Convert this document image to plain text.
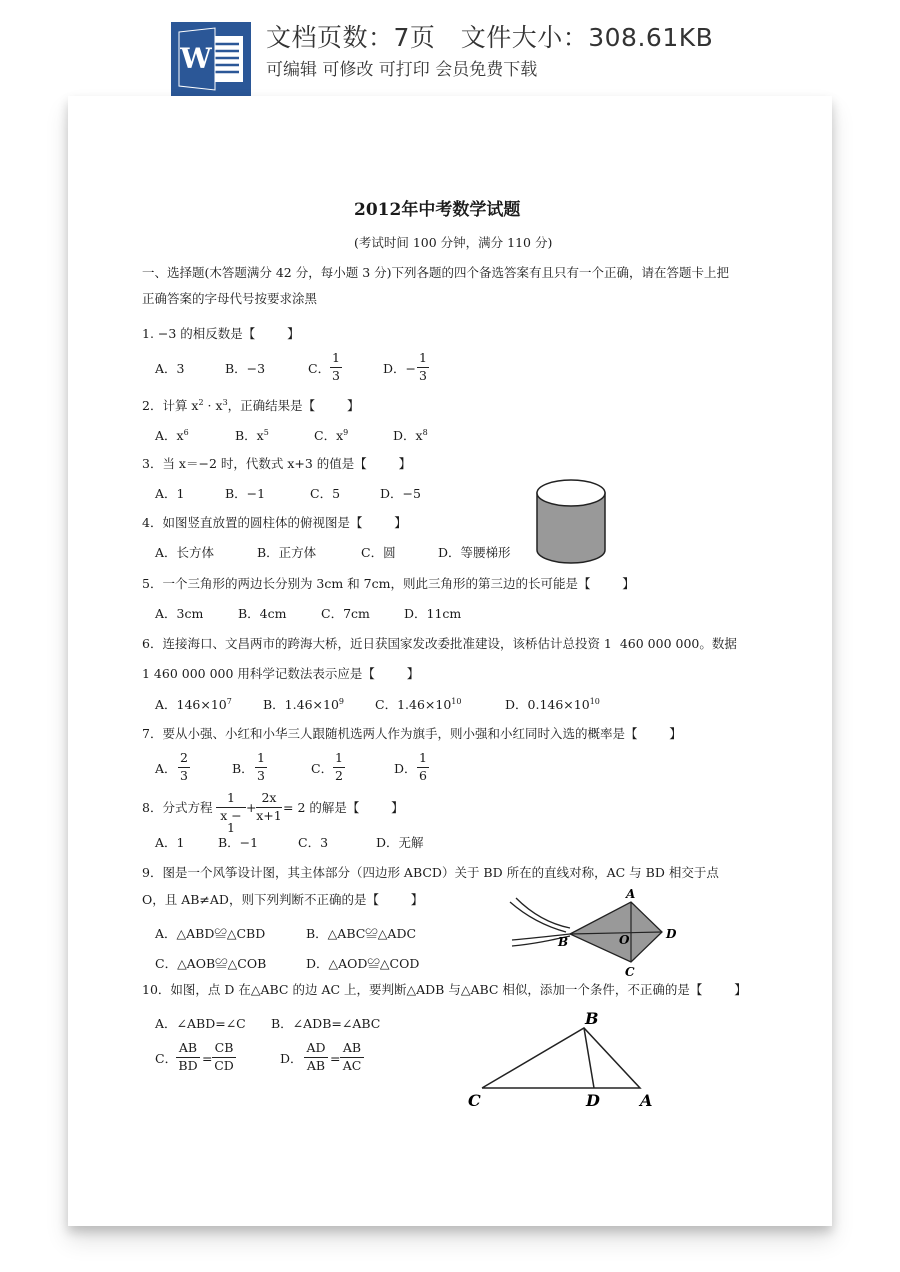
W
文档页数：7页   文件大小：308.61KB
可编辑 可修改 可打印 会员免费下载
2012年中考数学试题
(考试时间 100 分钟，满分 110 分)
一、选择题(木答题满分 42 分，每小题 3 分)下列各题的四个备选答案有且只有一个正确，请在答题卡上把
正确答案的字母代号按要求涂黑
1. −3 的相反数是【        】
A．3	B．−3	C．
1
3	D．−
1
3
2．计算 $x^2 \cdot x^3$，正确结果是【        】
A．$x^6$	B．$x^5$	C．$x^9$	D．$x^8$
3．当 x＝−2 时，代数式 x+3 的值是【        】
A．1	B．−1	C．5	D．−5
4．如图竖直放置的圆柱体的俯视图是【        】
A．长方体	B．正方体	C．圆	D．等腰梯形
5．一个三角形的两边长分别为 3cm 和 7cm，则此三角形的第三边的长可能是【        】
A．3cm	B．4cm	C．7cm	D．11cm
6．连接海口、文昌两市的跨海大桥，近日获国家发改委批准建设，该桥估计总投资 1  460 000 000。数据
1 460 000 000 用科学记数法表示应是【        】
A．$146\times 10^7$ B．$1.46\times 10^9$ C．$1.46\times 10^{10}$	D．$0.146\times 10^{10}$
7．要从小强、小红和小华三人跟随机选两人作为旗手，则小强和小红同时入选的概率是【        】
A．
2
3	B．
1
3	C．
1
2	D．
1
6
8．分式方程
1
x − 1
+
2x
x+1 = 2 的解是【        】
A．1	B．−1	C．3	D．无解
9．图是一个风筝设计图，其主体部分（四边形 ABCD）关于 BD 所在的直线对称，AC 与 BD 相交于点
O，且 AB≠AD，则下列判断不正确的是【        】
A．△ABD≌△CBD	B．△ABC≌△ADC
C．△AOB≌△COB	D．△AOD≌△COD
A
B	O	D
C
10．如图，点 D 在△ABC 的边 AC 上，要判断△ADB 与△ABC 相似，添加一个条件，不正确的是【        】
A．∠ABD=∠C B．∠ADB=∠ABC
C．
AB
BD =
CB
CD	D．
AD
AB =
AB
AC
B
C	D	A
